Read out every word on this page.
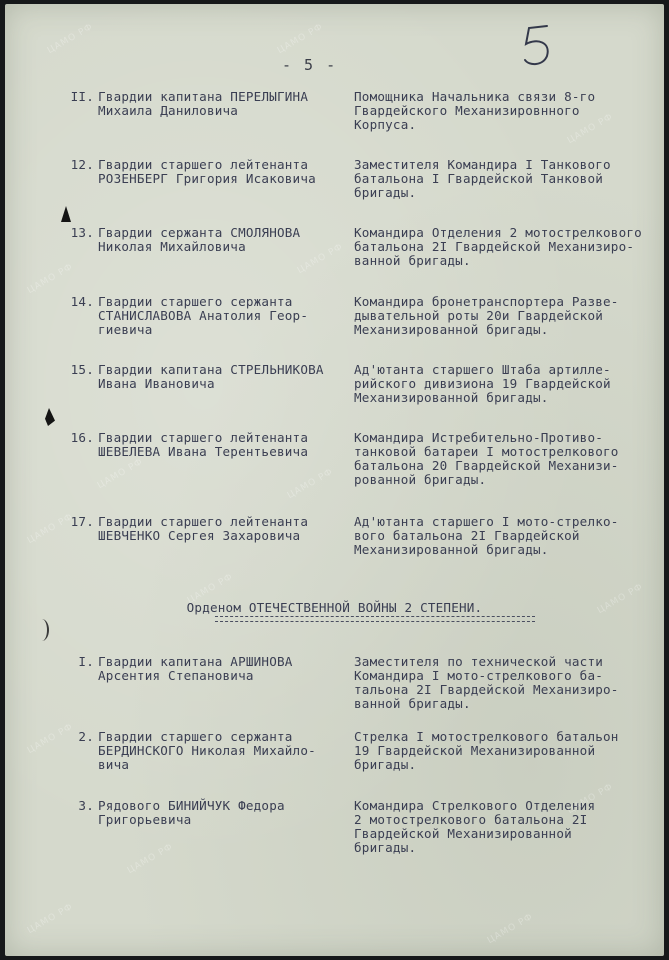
- 5 -
II. Гвардии капитана ПЕРЕЛЫГИНА
Михаила Даниловича
Помощника Начальника связи 8-го
Гвардейского Механизировнного
Корпуса.
12. Гвардии старшего лейтенанта
РОЗЕНБЕРГ Григория Исаковича
Заместителя Командира I Танкового
батальона I Гвардейской Танковой
бригады.
13. Гвардии сержанта СМОЛЯНОВА
Николая Михайловича
Командира Отделения 2 мотострелкового
батальона 2I Гвардейской Механизиро-
ванной бригады.
14. Гвардии старшего сержанта
СТАНИСЛАВОВА Анатолия Геор-
гиевича
Командира бронетранспортера Разве-
дывательной роты 20и Гвардейской
Механизированной бригады.
15. Гвардии капитана СТРЕЛЬНИКОВА
Ивана Ивановича
Ад'ютанта старшего Штаба артилле-
рийского дивизиона 19 Гвардейской
Механизированной бригады.
16. Гвардии старшего лейтенанта
ШЕВЕЛЕВА Ивана Терентьевича
Командира Истребительно-Противо-
танковой батареи I мотострелкового
батальона 20 Гвардейской Механизи-
рованной бригады.
17. Гвардии старшего лейтенанта
ШЕВЧЕНКО Сергея Захаровича
Ад'ютанта старшего I мото-стрелко-
вого батальона 2I Гвардейской
Механизированной бригады.
Орденом ОТЕЧЕСТВЕННОЙ ВОЙНЫ 2 СТЕПЕНИ.
I. Гвардии капитана АРШИНОВА
Арсентия Степановича
Заместителя по технической части
Командира I мото-стрелкового ба-
тальона 2I Гвардейской Механизиро-
ванной бригады.
2. Гвардии старшего сержанта
БЕРДИНСКОГО Николая Михайло-
вича
Стрелка I мотострелкового батальон
19 Гвардейской Механизированной
бригады.
3. Рядового БИНИЙЧУК Федора
Григорьевича
Командира Стрелкового Отделения
2 мотострелкового батальона 2I
Гвардейской Механизированной
бригады.
ЦАМО РФ	ЦАМО РФ
ЦАМО РФ
ЦАМО РФ
ЦАМО РФ
ЦАМО РФ
ЦАМО РФ
ЦАМО РФ
ЦАМО РФ
ЦАМО РФ
ЦАМО РФ
ЦАМО РФ
ЦАМО РФ
ЦАМО РФ	ЦАМО РФ
